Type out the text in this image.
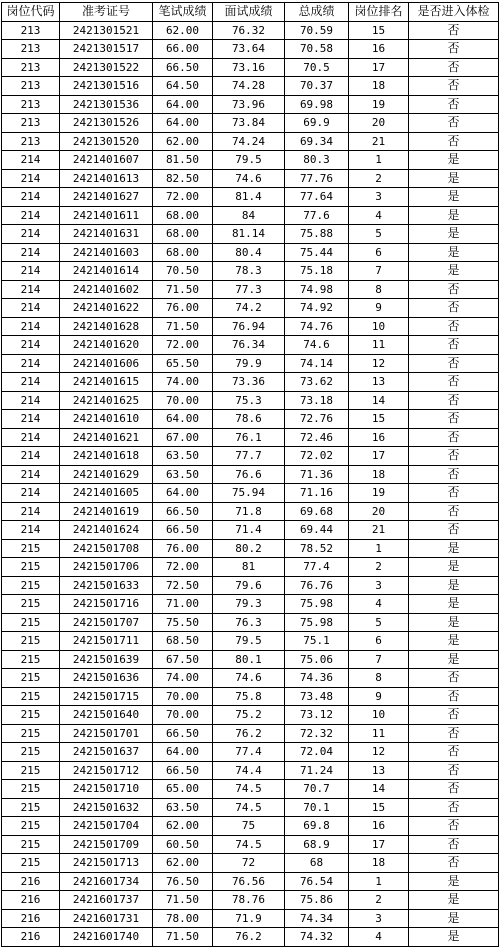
岗位代码	准考证号	笔试成绩	面试成绩	总成绩	岗位排名	是否进入体检
213	2421301521	62.00	76.32	70.59	15	否
213	2421301517	66.00	73.64	70.58	16	否
213	2421301522	66.50	73.16	70.5	17	否
213	2421301516	64.50	74.28	70.37	18	否
213	2421301536	64.00	73.96	69.98	19	否
213	2421301526	64.00	73.84	69.9	20	否
213	2421301520	62.00	74.24	69.34	21	否
214	2421401607	81.50	79.5	80.3	1	是
214	2421401613	82.50	74.6	77.76	2	是
214	2421401627	72.00	81.4	77.64	3	是
214	2421401611	68.00	84	77.6	4	是
214	2421401631	68.00	81.14	75.88	5	是
214	2421401603	68.00	80.4	75.44	6	是
214	2421401614	70.50	78.3	75.18	7	是
214	2421401602	71.50	77.3	74.98	8	否
214	2421401622	76.00	74.2	74.92	9	否
214	2421401628	71.50	76.94	74.76	10	否
214	2421401620	72.00	76.34	74.6	11	否
214	2421401606	65.50	79.9	74.14	12	否
214	2421401615	74.00	73.36	73.62	13	否
214	2421401625	70.00	75.3	73.18	14	否
214	2421401610	64.00	78.6	72.76	15	否
214	2421401621	67.00	76.1	72.46	16	否
214	2421401618	63.50	77.7	72.02	17	否
214	2421401629	63.50	76.6	71.36	18	否
214	2421401605	64.00	75.94	71.16	19	否
214	2421401619	66.50	71.8	69.68	20	否
214	2421401624	66.50	71.4	69.44	21	否
215	2421501708	76.00	80.2	78.52	1	是
215	2421501706	72.00	81	77.4	2	是
215	2421501633	72.50	79.6	76.76	3	是
215	2421501716	71.00	79.3	75.98	4	是
215	2421501707	75.50	76.3	75.98	5	是
215	2421501711	68.50	79.5	75.1	6	是
215	2421501639	67.50	80.1	75.06	7	是
215	2421501636	74.00	74.6	74.36	8	否
215	2421501715	70.00	75.8	73.48	9	否
215	2421501640	70.00	75.2	73.12	10	否
215	2421501701	66.50	76.2	72.32	11	否
215	2421501637	64.00	77.4	72.04	12	否
215	2421501712	66.50	74.4	71.24	13	否
215	2421501710	65.00	74.5	70.7	14	否
215	2421501632	63.50	74.5	70.1	15	否
215	2421501704	62.00	75	69.8	16	否
215	2421501709	60.50	74.5	68.9	17	否
215	2421501713	62.00	72	68	18	否
216	2421601734	76.50	76.56	76.54	1	是
216	2421601737	71.50	78.76	75.86	2	是
216	2421601731	78.00	71.9	74.34	3	是
216	2421601740	71.50	76.2	74.32	4	是
